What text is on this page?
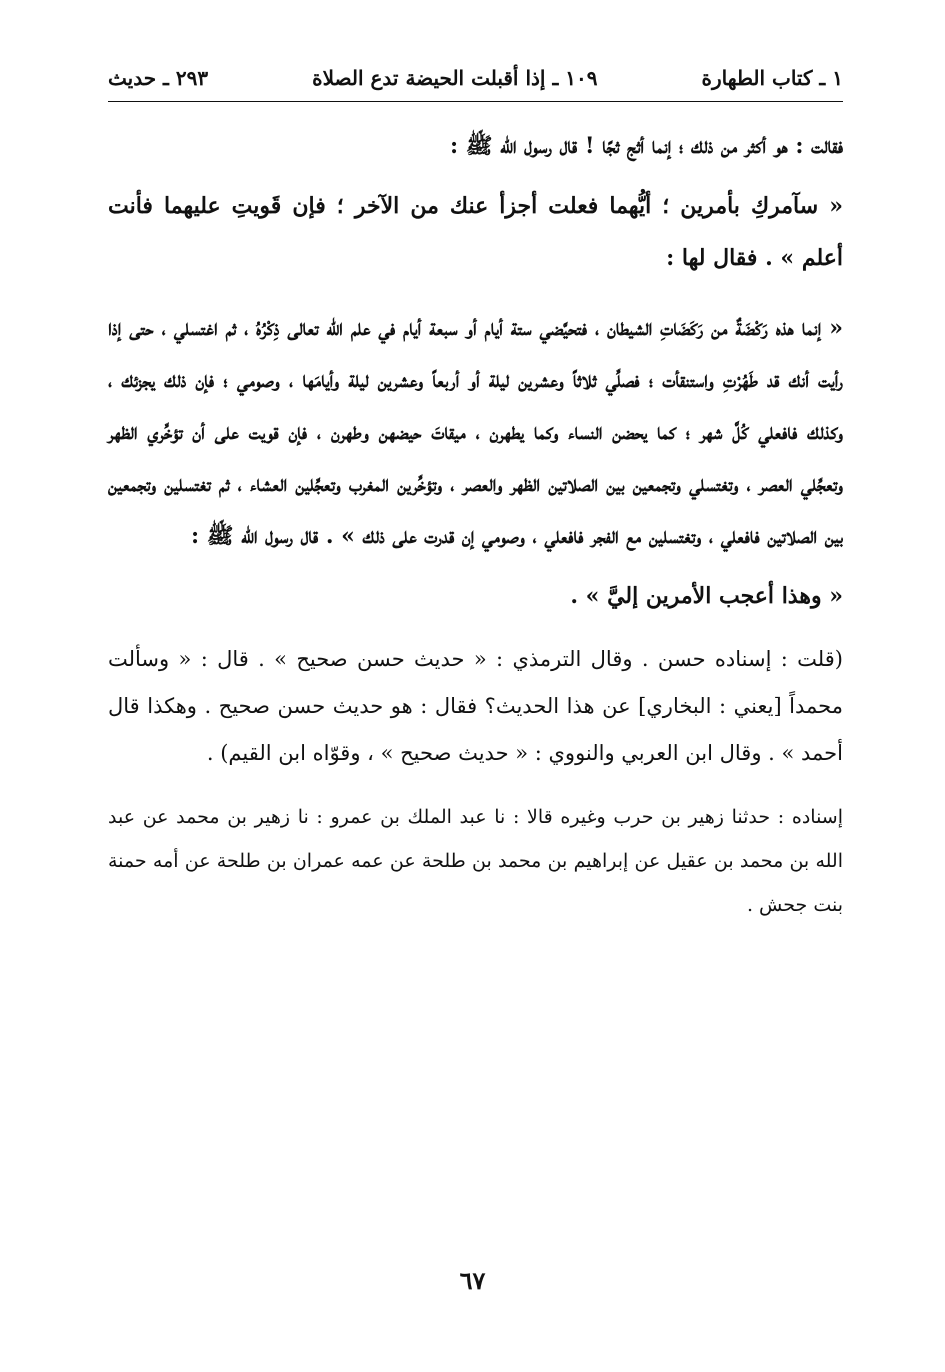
١ ـ كتاب الطهارة
١٠٩ ـ إذا أقبلت الحيضة تدع الصلاة
٢٩٣ ـ حديث

فقالت : هو أكثر من ذلك ؛ إنما أثج ثجًا ! قال رسول الله ﷺ :

« سآمركِ بأمرين ؛ أيُّهما فعلت أجزأ عنك من الآخر ؛ فإن قَويتِ عليهما فأنت أعلم » . فقال لها :

« إنما هذه رَكْضَةٌ من رَكَضَاتِ الشيطان ، فتحيَّضي ستة أيام أو سبعة أيام في علم الله تعالى ذِكْرُهُ ، ثم اغتسلي ، حتى إذا رأيت أنك قد طَهُرْتِ واستنقأت ؛ فصلِّي ثلاثاً وعشرين ليلة أو أربعاً وعشرين ليلة وأيامَها ، وصومي ؛ فإن ذلك يجزئك ، وكذلك فافعلي كُلَّ شهر ؛ كما يحضن النساء وكما يطهرن ، ميقاتَ حيضهن وطهرن ، فإن قويت على أن تؤخِّري الظهر وتعجِّلي العصر ، وتغتسلي وتجمعين بين الصلاتين الظهر والعصر ، وتؤخِّرين المغرب وتعجِّلين العشاء ، ثم تغتسلين وتجمعين بين الصلاتين فافعلي ، وتغتسلين مع الفجر فافعلي ، وصومي إن قدرت على ذلك » . قال رسول الله ﷺ :

« وهذا أعجب الأمرين إليَّ » .

(قلت : إسناده حسن . وقال الترمذي : « حديث حسن صحيح » . قال : « وسألت محمداً [يعني : البخاري] عن هذا الحديث؟ فقال : هو حديث حسن صحيح . وهكذا قال أحمد » . وقال ابن العربي والنووي : « حديث صحيح » ، وقوّاه ابن القيم) .

إسناده : حدثنا زهير بن حرب وغيره قالا : نا عبد الملك بن عمرو : نا زهير بن محمد عن عبد الله بن محمد بن عقيل عن إبراهيم بن محمد بن طلحة عن عمه عمران بن طلحة عن أمه حمنة بنت جحش .

٦٧
